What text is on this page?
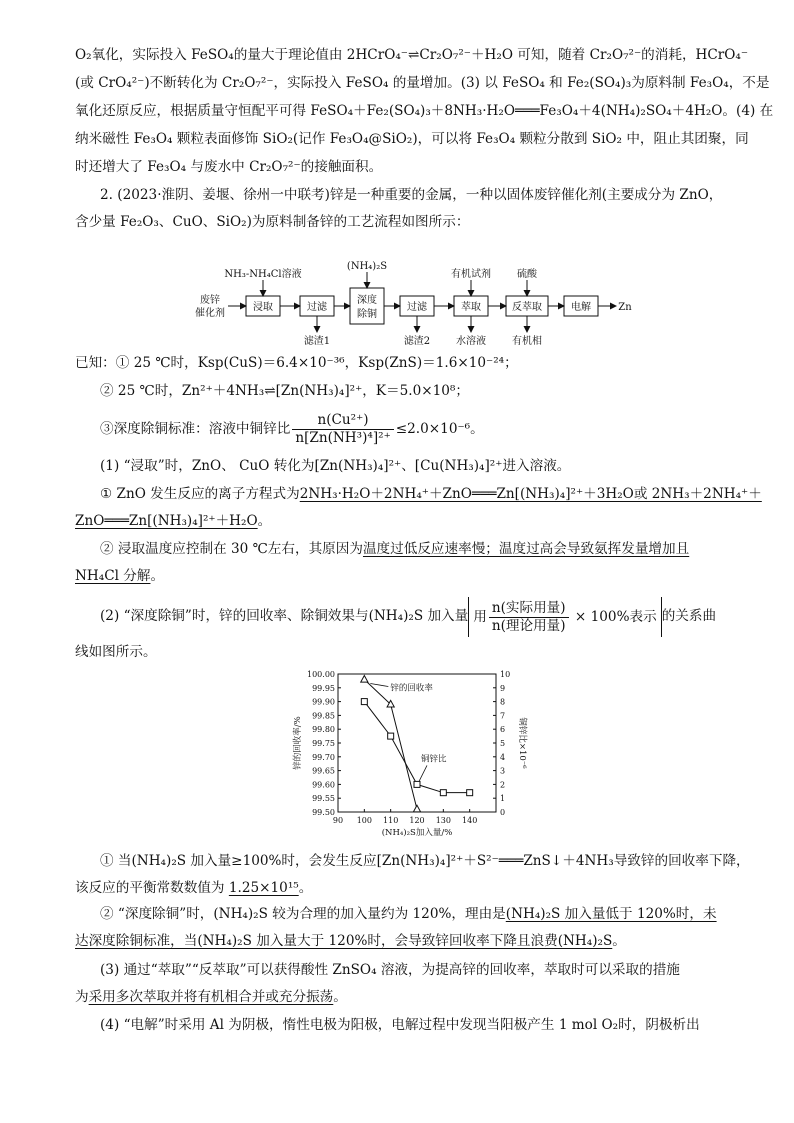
O₂氧化，实际投入 FeSO₄的量大于理论值由 2HCrO₄⁻⇌Cr₂O₇²⁻＋H₂O 可知，随着 Cr₂O₇²⁻的消耗，HCrO₄⁻
(或 CrO₄²⁻)不断转化为 Cr₂O₇²⁻，实际投入 FeSO₄ 的量增加。(3) 以 FeSO₄ 和 Fe₂(SO₄)₃为原料制 Fe₃O₄，不是
氧化还原反应，根据质量守恒配平可得 FeSO₄＋Fe₂(SO₄)₃＋8NH₃·H₂O═══Fe₃O₄＋4(NH₄)₂SO₄＋4H₂O。(4) 在
纳米磁性 Fe₃O₄ 颗粒表面修饰 SiO₂(记作 Fe₃O₄@SiO₂)，可以将 Fe₃O₄ 颗粒分散到 SiO₂ 中，阻止其团聚，同
时还增大了 Fe₃O₄ 与废水中 Cr₂O₇²⁻的接触面积。
2. (2023·淮阴、姜堰、徐州一中联考)锌是一种重要的金属，一种以固体废锌催化剂(主要成分为 ZnO，
含少量 Fe₂O₃、CuO、SiO₂)为原料制备锌的工艺流程如图所示：
废锌
催化剂
NH₃-NH₄Cl溶液
(NH₄)₂S
有机试剂	硫酸
浸取	过滤
深度
除铜
过滤	萃取	反萃取	电解	Zn
滤渣1	滤渣2	水溶液	有机相
已知：① 25 ℃时，Ksp(CuS)＝6.4×10⁻³⁶，Ksp(ZnS)＝1.6×10⁻²⁴；
② 25 ℃时，Zn²⁺＋4NH₃⇌[Zn(NH₃)₄]²⁺，K＝5.0×10⁸；
③深度除铜标准：溶液中铜锌比 $\frac{\text{n(Cu²⁺)}}{\text{n[Zn(NH³)⁴]²⁺}} \le 2.0\times 10^{-6}$。
(1) “浸取”时，ZnO、 CuO 转化为[Zn(NH₃)₄]²⁺、[Cu(NH₃)₄]²⁺进入溶液。
① ZnO 发生反应的离子方程式为2NH₃·H₂O＋2NH₄⁺＋ZnO═══Zn[(NH₃)₄]²⁺＋3H₂O或 2NH₃＋2NH₄⁺＋
ZnO═══Zn[(NH₃)₄]²⁺＋H₂O。
② 浸取温度应控制在 30 ℃左右，其原因为温度过低反应速率慢；温度过高会导致氨挥发量增加且
NH₄Cl 分解。
(2) “深度除铜”时，锌的回收率、除铜效果与(NH₄)₂S 加入量 用 $\frac{\text{n(实际用量)}}{\text{n(理论用量)}} \times 100\%$表示 的关系曲
线如图所示。
90 100 110 120 130 140
99.50
99.55
99.60
99.65
99.70
99.75
99.80
99.85
99.90
99.95
100.00
0
1
2
3
4
5
6
7
8
9
10
(NH₄)₂S加入量/%
锌的回收率/%	铜锌比×10⁻⁶
锌的回收率
铜锌比
① 当(NH₄)₂S 加入量≥100%时，会发生反应[Zn(NH₃)₄]²⁺＋S²⁻═══ZnS↓＋4NH₃导致锌的回收率下降，
该反应的平衡常数数值为 1.25×10¹⁵。
② “深度除铜”时，(NH₄)₂S 较为合理的加入量约为 120%，理由是(NH₄)₂S 加入量低于 120%时，未
达深度除铜标准，当(NH₄)₂S 加入量大于 120%时，会导致锌回收率下降且浪费(NH₄)₂S。
(3) 通过“萃取”“反萃取”可以获得酸性 ZnSO₄ 溶液，为提高锌的回收率，萃取时可以采取的措施
为采用多次萃取并将有机相合并或充分振荡。
(4) “电解”时采用 Al 为阴极，惰性电极为阳极，电解过程中发现当阳极产生 1 mol O₂时，阴极析出
